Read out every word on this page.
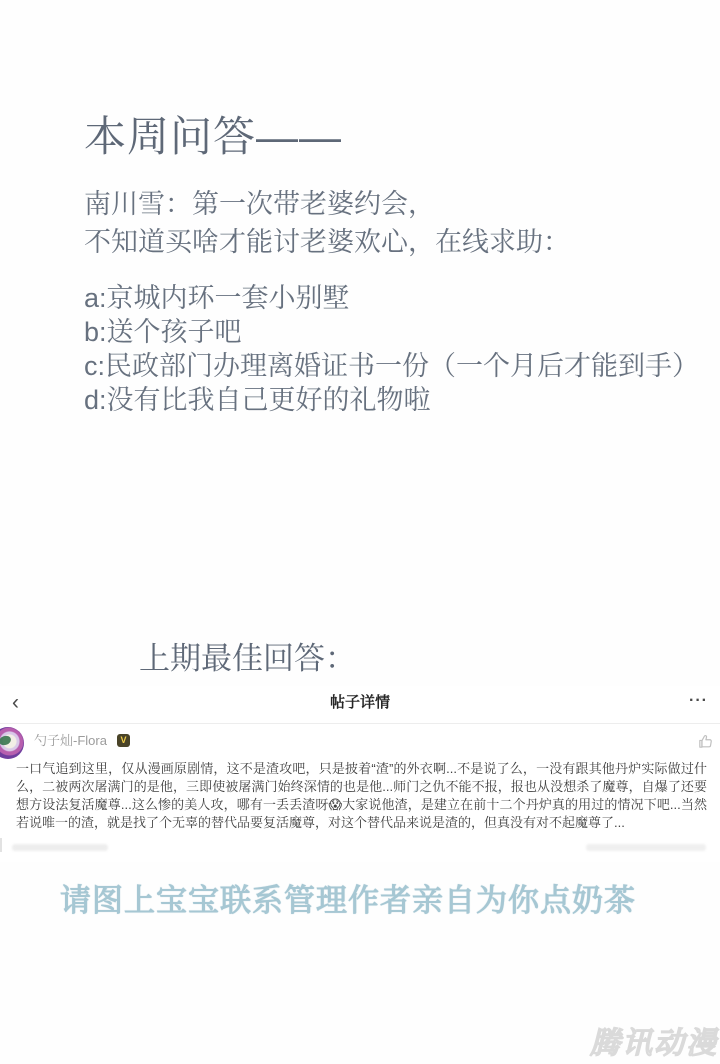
本周问答——
南川雪：第一次带老婆约会，
不知道买啥才能讨老婆欢心，在线求助：
a:京城内环一套小别墅
b:送个孩子吧
c:民政部门办理离婚证书一份（一个月后才能到手）
d:没有比我自己更好的礼物啦
上期最佳回答：
‹	帖子详情	···
勺子灿-Flora	V

一口气追到这里，仅从漫画原剧情，这不是渣攻吧，只是披着“渣”的外衣啊...不是说了么，一没有跟其他丹炉实际做过什么，二被两次屠满门的是他，三即使被屠满门始终深情的也是他...师门之仇不能不报，报也从没想杀了魔尊，自爆了还要想方设法复活魔尊...这么惨的美人攻，哪有一丢丢渣呀😱大家说他渣，是建立在前十二个丹炉真的用过的情况下吧...当然若说唯一的渣，就是找了个无辜的替代品要复活魔尊，对这个替代品来说是渣的，但真没有对不起魔尊了...

请图上宝宝联系管理作者亲自为你点奶茶
腾讯动漫
